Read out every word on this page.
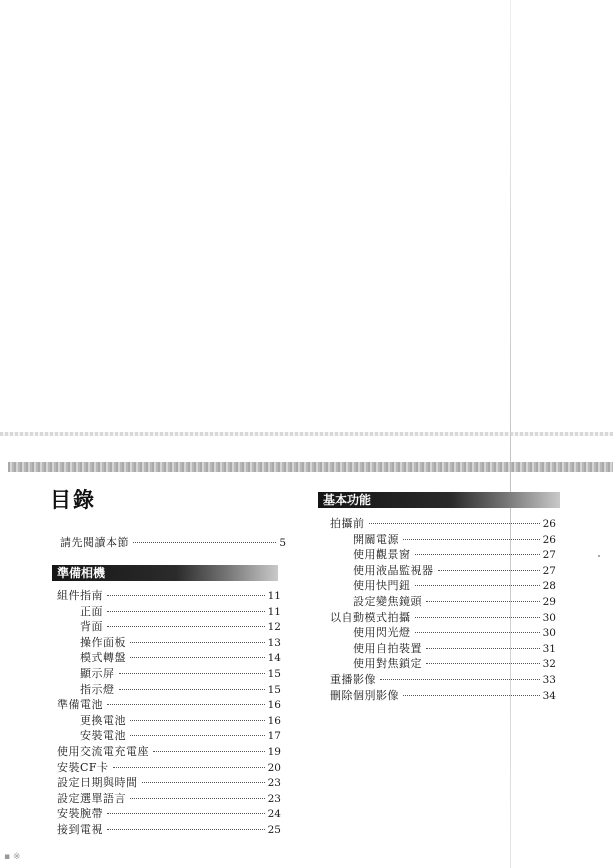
目錄
請先閱讀本節	5
準備相機
組件指南	11
正面	11
背面	12
操作面板	13
模式轉盤	14
顯示屏	15
指示燈	15
準備電池	16
更換電池	16
安裝電池	17
使用交流電充電座	19
安裝CF卡	20
設定日期與時間	23
設定選單語言	23
安裝腕帶	24
接到電視	25
基本功能
拍攝前	26
開關電源	26
使用觀景窗	27
使用液晶監視器	27
使用快門鈕	28
設定變焦鏡頭	29
以自動模式拍攝	30
使用閃光燈	30
使用自拍裝置	31
使用對焦鎖定	32
重播影像	33
刪除個別影像	34
▪ ※
